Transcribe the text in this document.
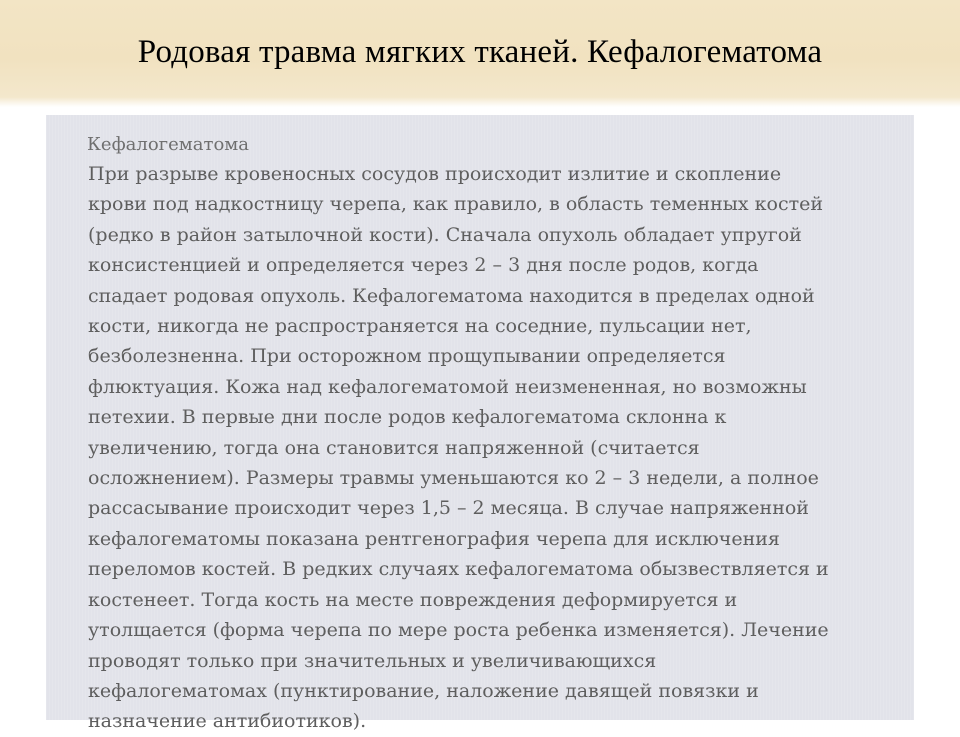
Родовая травма мягких тканей. Кефалогематома
Кефалогематома

При разрыве кровеносных сосудов происходит излитие и скопление
крови под надкостницу черепа, как правило, в область теменных костей
(редко в район затылочной кости). Сначала опухоль обладает упругой
консистенцией и определяется через 2 – 3 дня после родов, когда
спадает родовая опухоль. Кефалогематома находится в пределах одной
кости, никогда не распространяется на соседние, пульсации нет,
безболезненна. При осторожном прощупывании определяется
флюктуация. Кожа над кефалогематомой неизмененная, но возможны
петехии. В первые дни после родов кефалогематома склонна к
увеличению, тогда она становится напряженной (считается
осложнением). Размеры травмы уменьшаются ко 2 – 3 недели, а полное
рассасывание происходит через 1,5 – 2 месяца. В случае напряженной
кефалогематомы показана рентгенография черепа для исключения
переломов костей. В редких случаях кефалогематома обызвествляется и
костенеет. Тогда кость на месте повреждения деформируется и
утолщается (форма черепа по мере роста ребенка изменяется). Лечение
проводят только при значительных и увеличивающихся
кефалогематомах (пунктирование, наложение давящей повязки и
назначение антибиотиков).
